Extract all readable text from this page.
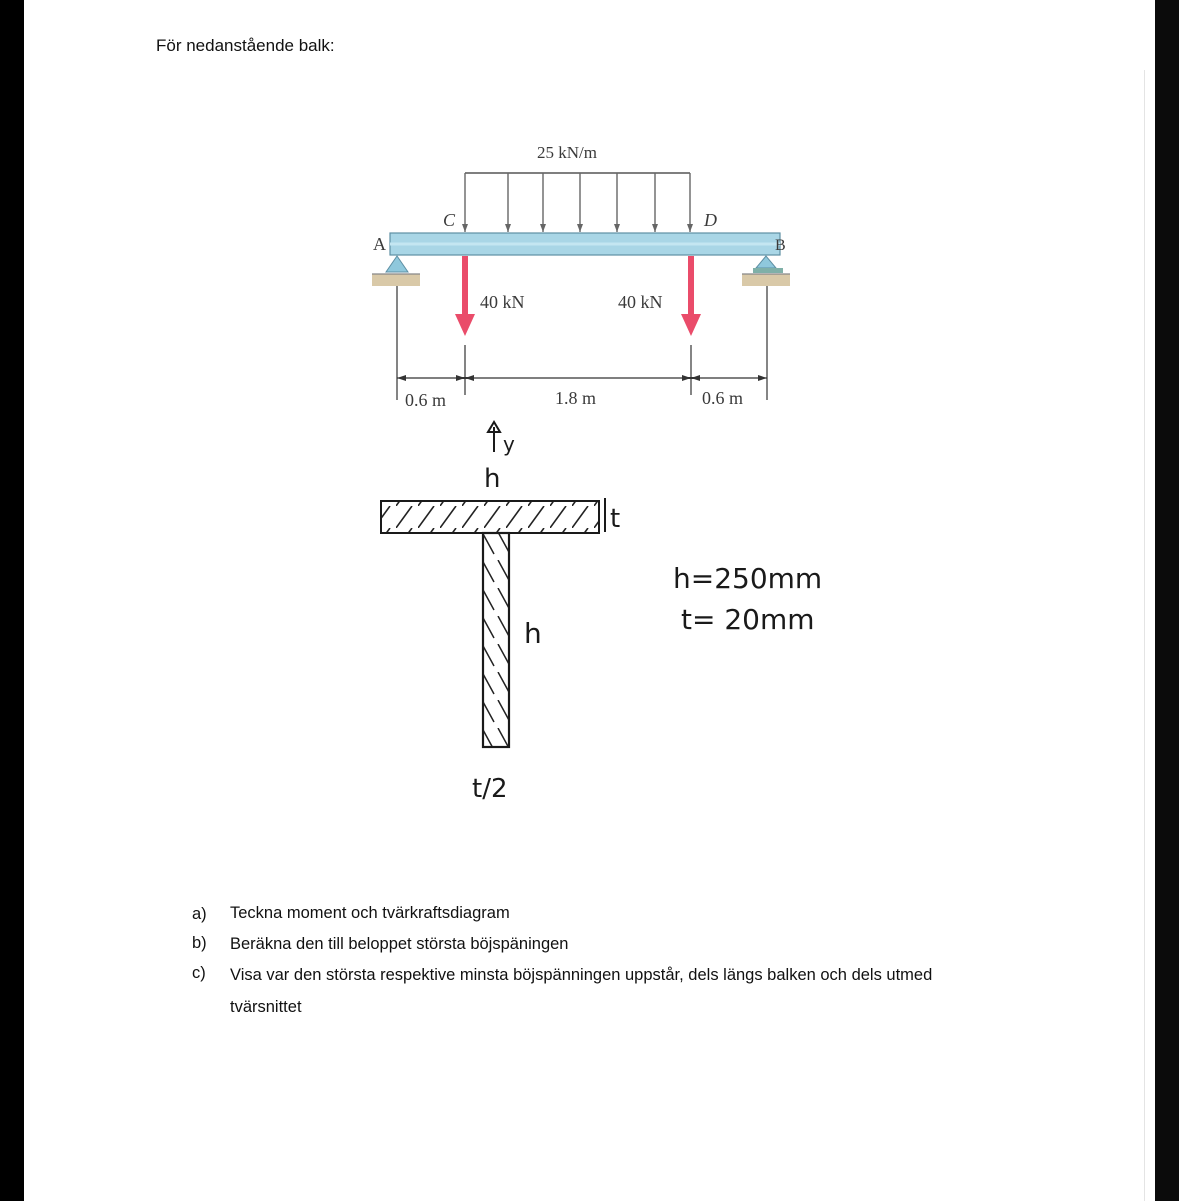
För nedanstående balk:
25 kN/m
C	D
A	B
40 kN	40 kN
0.6 m	1.8 m	0.6 m
y
h
t
h
t/2
h=250mm
t= 20mm
a)	Teckna moment och tvärkraftsdiagram
b)	Beräkna den till beloppet största böjspäningen
c)	Visa var den största respektive minsta böjspänningen uppstår, dels längs balken och dels utmed tvärsnittet
